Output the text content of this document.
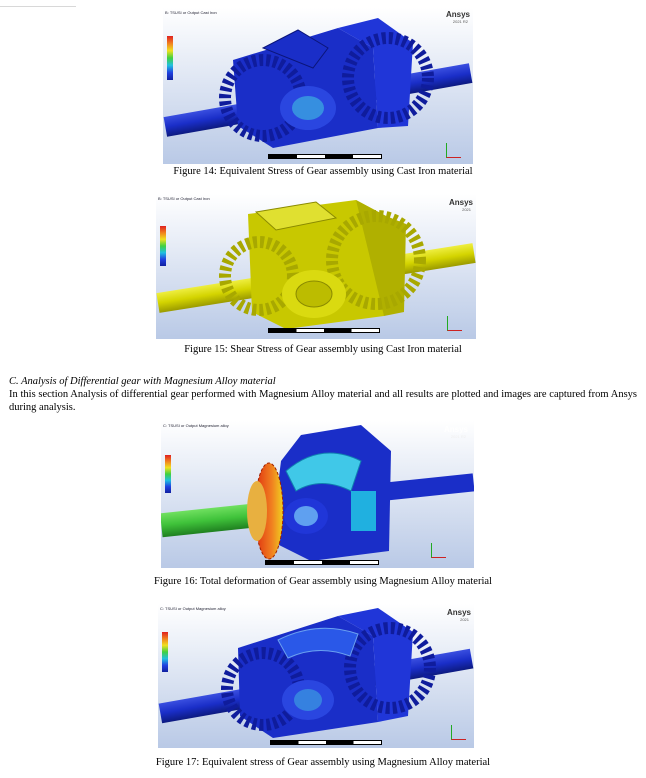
B: TSUSI or Output Cast Iron	Ansys
2021 R2
Figure 14: Equivalent Stress of Gear assembly using Cast Iron material
B: TSUSI or Output Cast Iron	Ansys
2021
Figure 15: Shear Stress of Gear assembly using Cast Iron material
C. Analysis of Differential gear with Magnesium Alloy material
In this section Analysis of differential gear performed with Magnesium Alloy material and all results are plotted and images are captured from Ansys during analysis.
C: TSUSI or Output Magnesium alloy	Ansys
2021 R2
Figure 16: Total deformation of Gear assembly using Magnesium Alloy material
C: TSUSI or Output Magnesium alloy	Ansys
2021
Figure 17: Equivalent stress of Gear assembly using Magnesium Alloy material
